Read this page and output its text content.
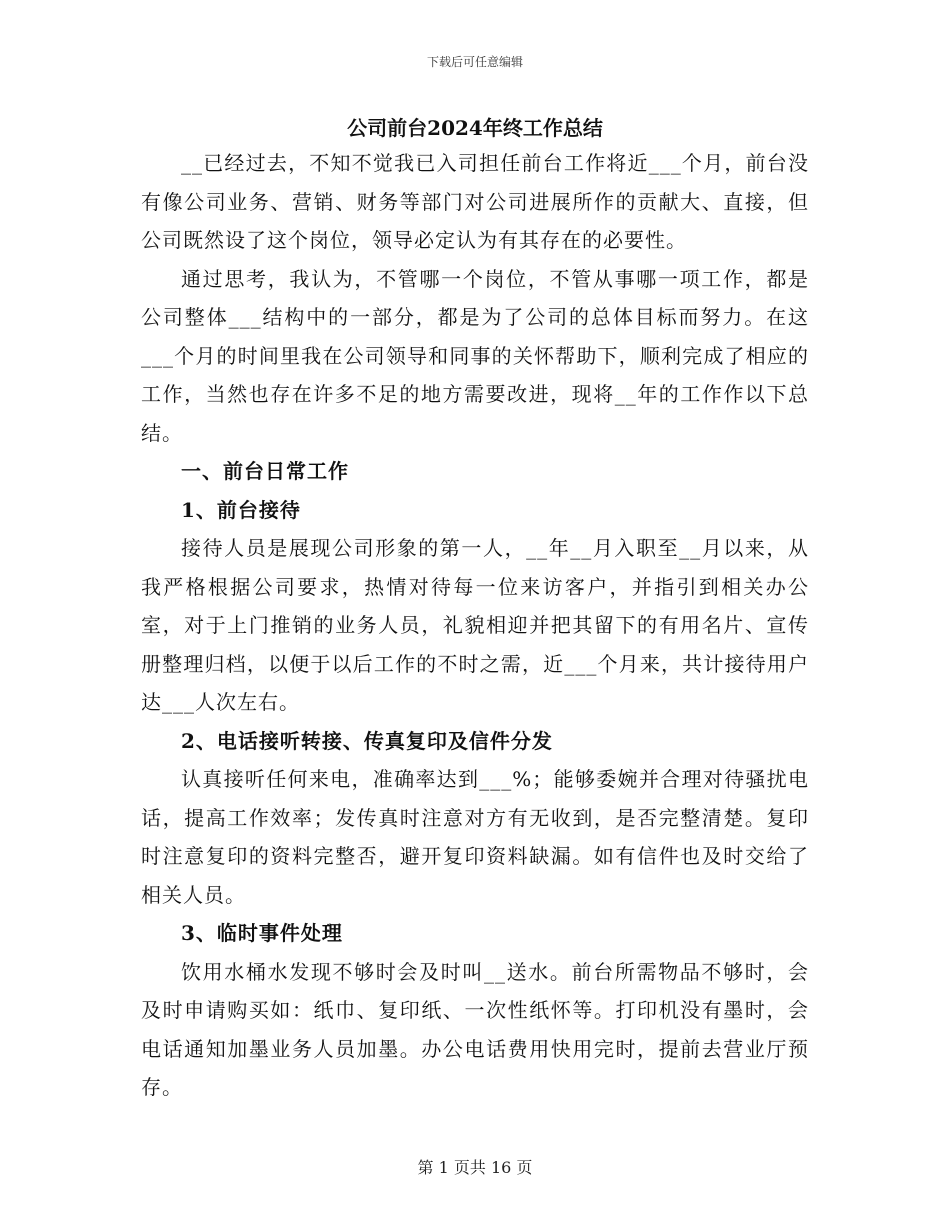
下载后可任意编辑
公司前台2024年终工作总结

__已经过去，不知不觉我已入司担任前台工作将近___个月，前台没有像公司业务、营销、财务等部门对公司进展所作的贡献大、直接，但公司既然设了这个岗位，领导必定认为有其存在的必要性。

通过思考，我认为，不管哪一个岗位，不管从事哪一项工作，都是公司整体___结构中的一部分，都是为了公司的总体目标而努力。在这___个月的时间里我在公司领导和同事的关怀帮助下，顺利完成了相应的工作，当然也存在许多不足的地方需要改进，现将__年的工作作以下总结。

一、前台日常工作
1、前台接待

接待人员是展现公司形象的第一人，__年__月入职至__月以来，从我严格根据公司要求，热情对待每一位来访客户，并指引到相关办公室，对于上门推销的业务人员，礼貌相迎并把其留下的有用名片、宣传册整理归档，以便于以后工作的不时之需，近___个月来，共计接待用户达___人次左右。

2、电话接听转接、传真复印及信件分发

认真接听任何来电，准确率达到___%；能够委婉并合理对待骚扰电话，提高工作效率；发传真时注意对方有无收到，是否完整清楚。复印时注意复印的资料完整否，避开复印资料缺漏。如有信件也及时交给了相关人员。

3、临时事件处理

饮用水桶水发现不够时会及时叫__送水。前台所需物品不够时，会及时申请购买如：纸巾、复印纸、一次性纸怀等。打印机没有墨时，会电话通知加墨业务人员加墨。办公电话费用快用完时，提前去营业厅预存。

第 1 页共 16 页
